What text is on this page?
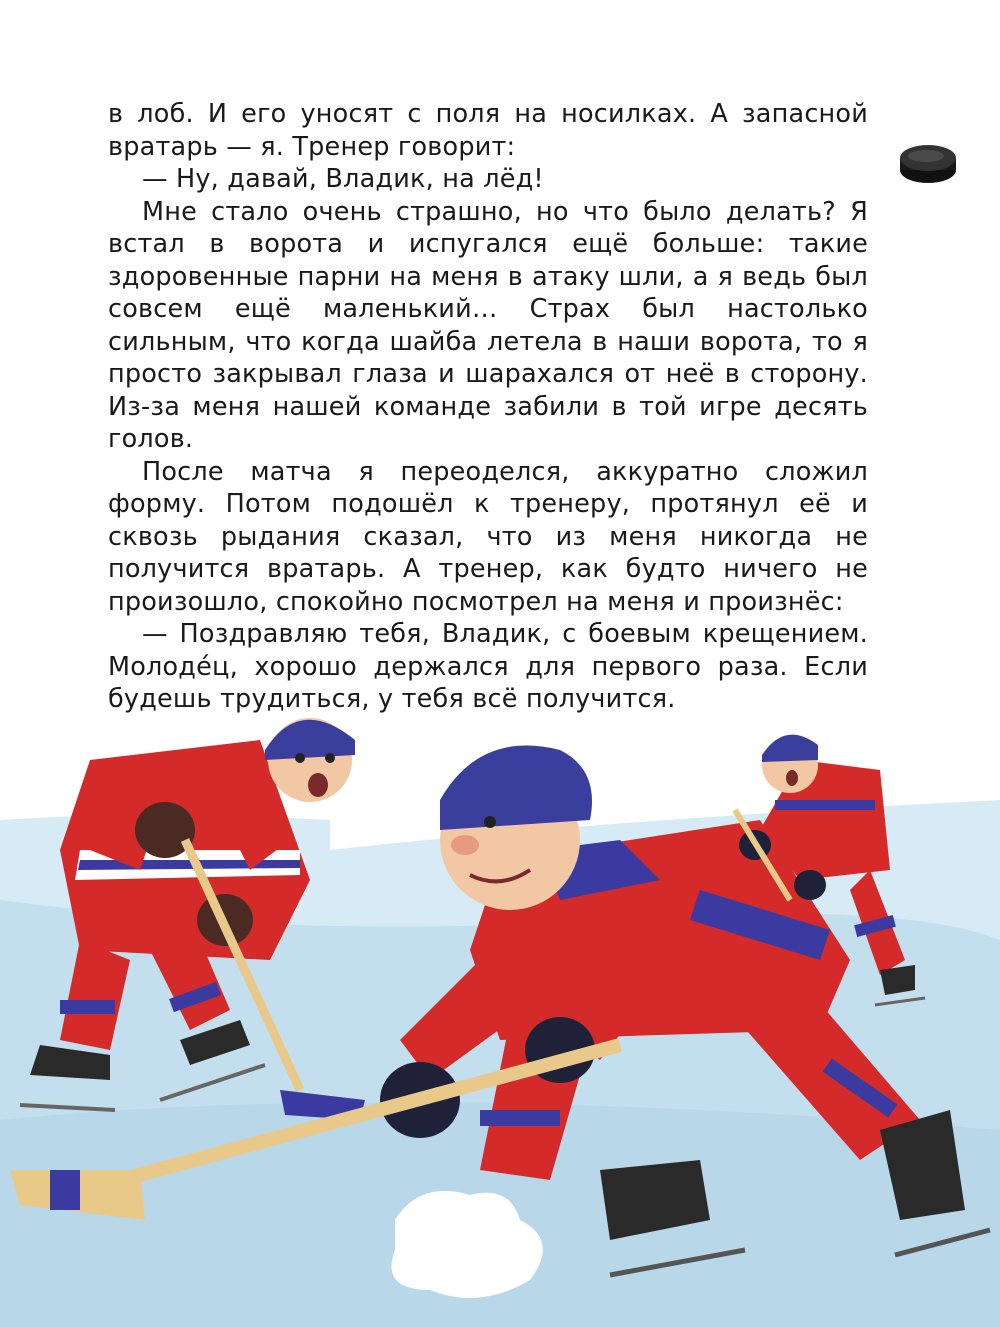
в лоб. И его уносят с поля на носилках. А запасной вратарь — я. Тренер говорит:

— Ну, давай, Владик, на лёд!

Мне стало очень страшно, но что было делать? Я встал в ворота и испугался ещё больше: такие здоровенные парни на меня в атаку шли, а я ведь был совсем ещё маленький… Страх был настолько сильным, что когда шайба летела в наши ворота, то я просто закрывал глаза и шарахался от неё в сторону. Из-за меня нашей команде забили в той игре десять голов.

После матча я переоделся, аккуратно сложил форму. Потом подошёл к тренеру, протянул её и сквозь рыдания сказал, что из меня никогда не получится вратарь. А тренер, как будто ничего не произошло, спокойно посмотрел на меня и произнёс:

— Поздравляю тебя, Владик, с боевым крещением. Молодéц, хорошо держался для первого раза. Если будешь трудиться, у тебя всё получится.
